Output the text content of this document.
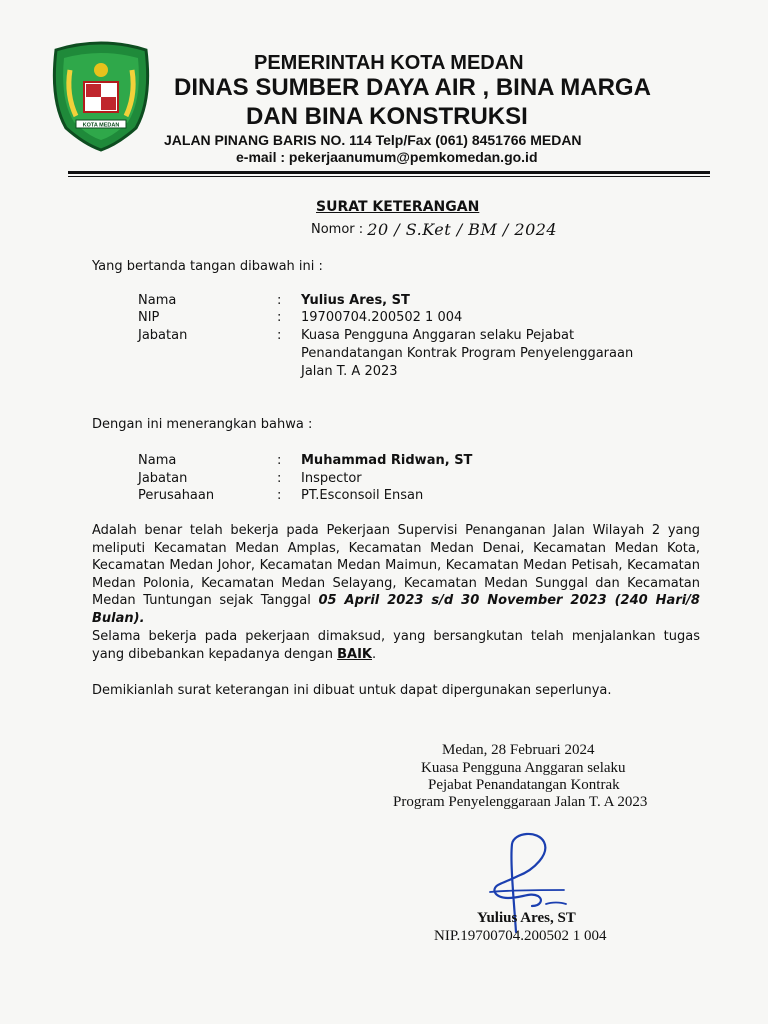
KOTA MEDAN
PEMERINTAH KOTA MEDAN
DINAS SUMBER DAYA AIR , BINA MARGA
DAN BINA KONSTRUKSI
JALAN PINANG BARIS NO. 114 Telp/Fax (061) 8451766 MEDAN
e-mail : pekerjaanumum@pemkomedan.go.id
SURAT KETERANGAN
Nomor : 20 / S.Ket / BM / 2024
Yang bertanda tangan dibawah ini :
Nama	: Yulius Ares, ST
NIP	: 19700704.200502 1 004
Jabatan	: Kuasa Pengguna Anggaran selaku Pejabat
Penandatangan Kontrak Program Penyelenggaraan
Jalan T. A 2023
Dengan ini menerangkan bahwa :
Nama	: Muhammad Ridwan, ST
Jabatan	: Inspector
Perusahaan	: PT.Esconsoil Ensan
Adalah benar telah bekerja pada Pekerjaan Supervisi Penanganan Jalan Wilayah 2 yang meliputi Kecamatan Medan Amplas, Kecamatan Medan Denai, Kecamatan Medan Kota, Kecamatan Medan Johor, Kecamatan Medan Maimun, Kecamatan Medan Petisah, Kecamatan Medan Polonia, Kecamatan Medan Selayang, Kecamatan Medan Sunggal dan Kecamatan Medan Tuntungan sejak Tanggal 05 April 2023 s/d 30 November 2023 (240 Hari/8 Bulan).
Selama bekerja pada pekerjaan dimaksud, yang bersangkutan telah menjalankan tugas yang dibebankan kepadanya dengan BAIK.
Demikianlah surat keterangan ini dibuat untuk dapat dipergunakan seperlunya.
Medan, 28 Februari 2024
Kuasa Pengguna Anggaran selaku
Pejabat Penandatangan Kontrak
Program Penyelenggaraan Jalan T. A 2023
Yulius Ares, ST
NIP.19700704.200502 1 004
